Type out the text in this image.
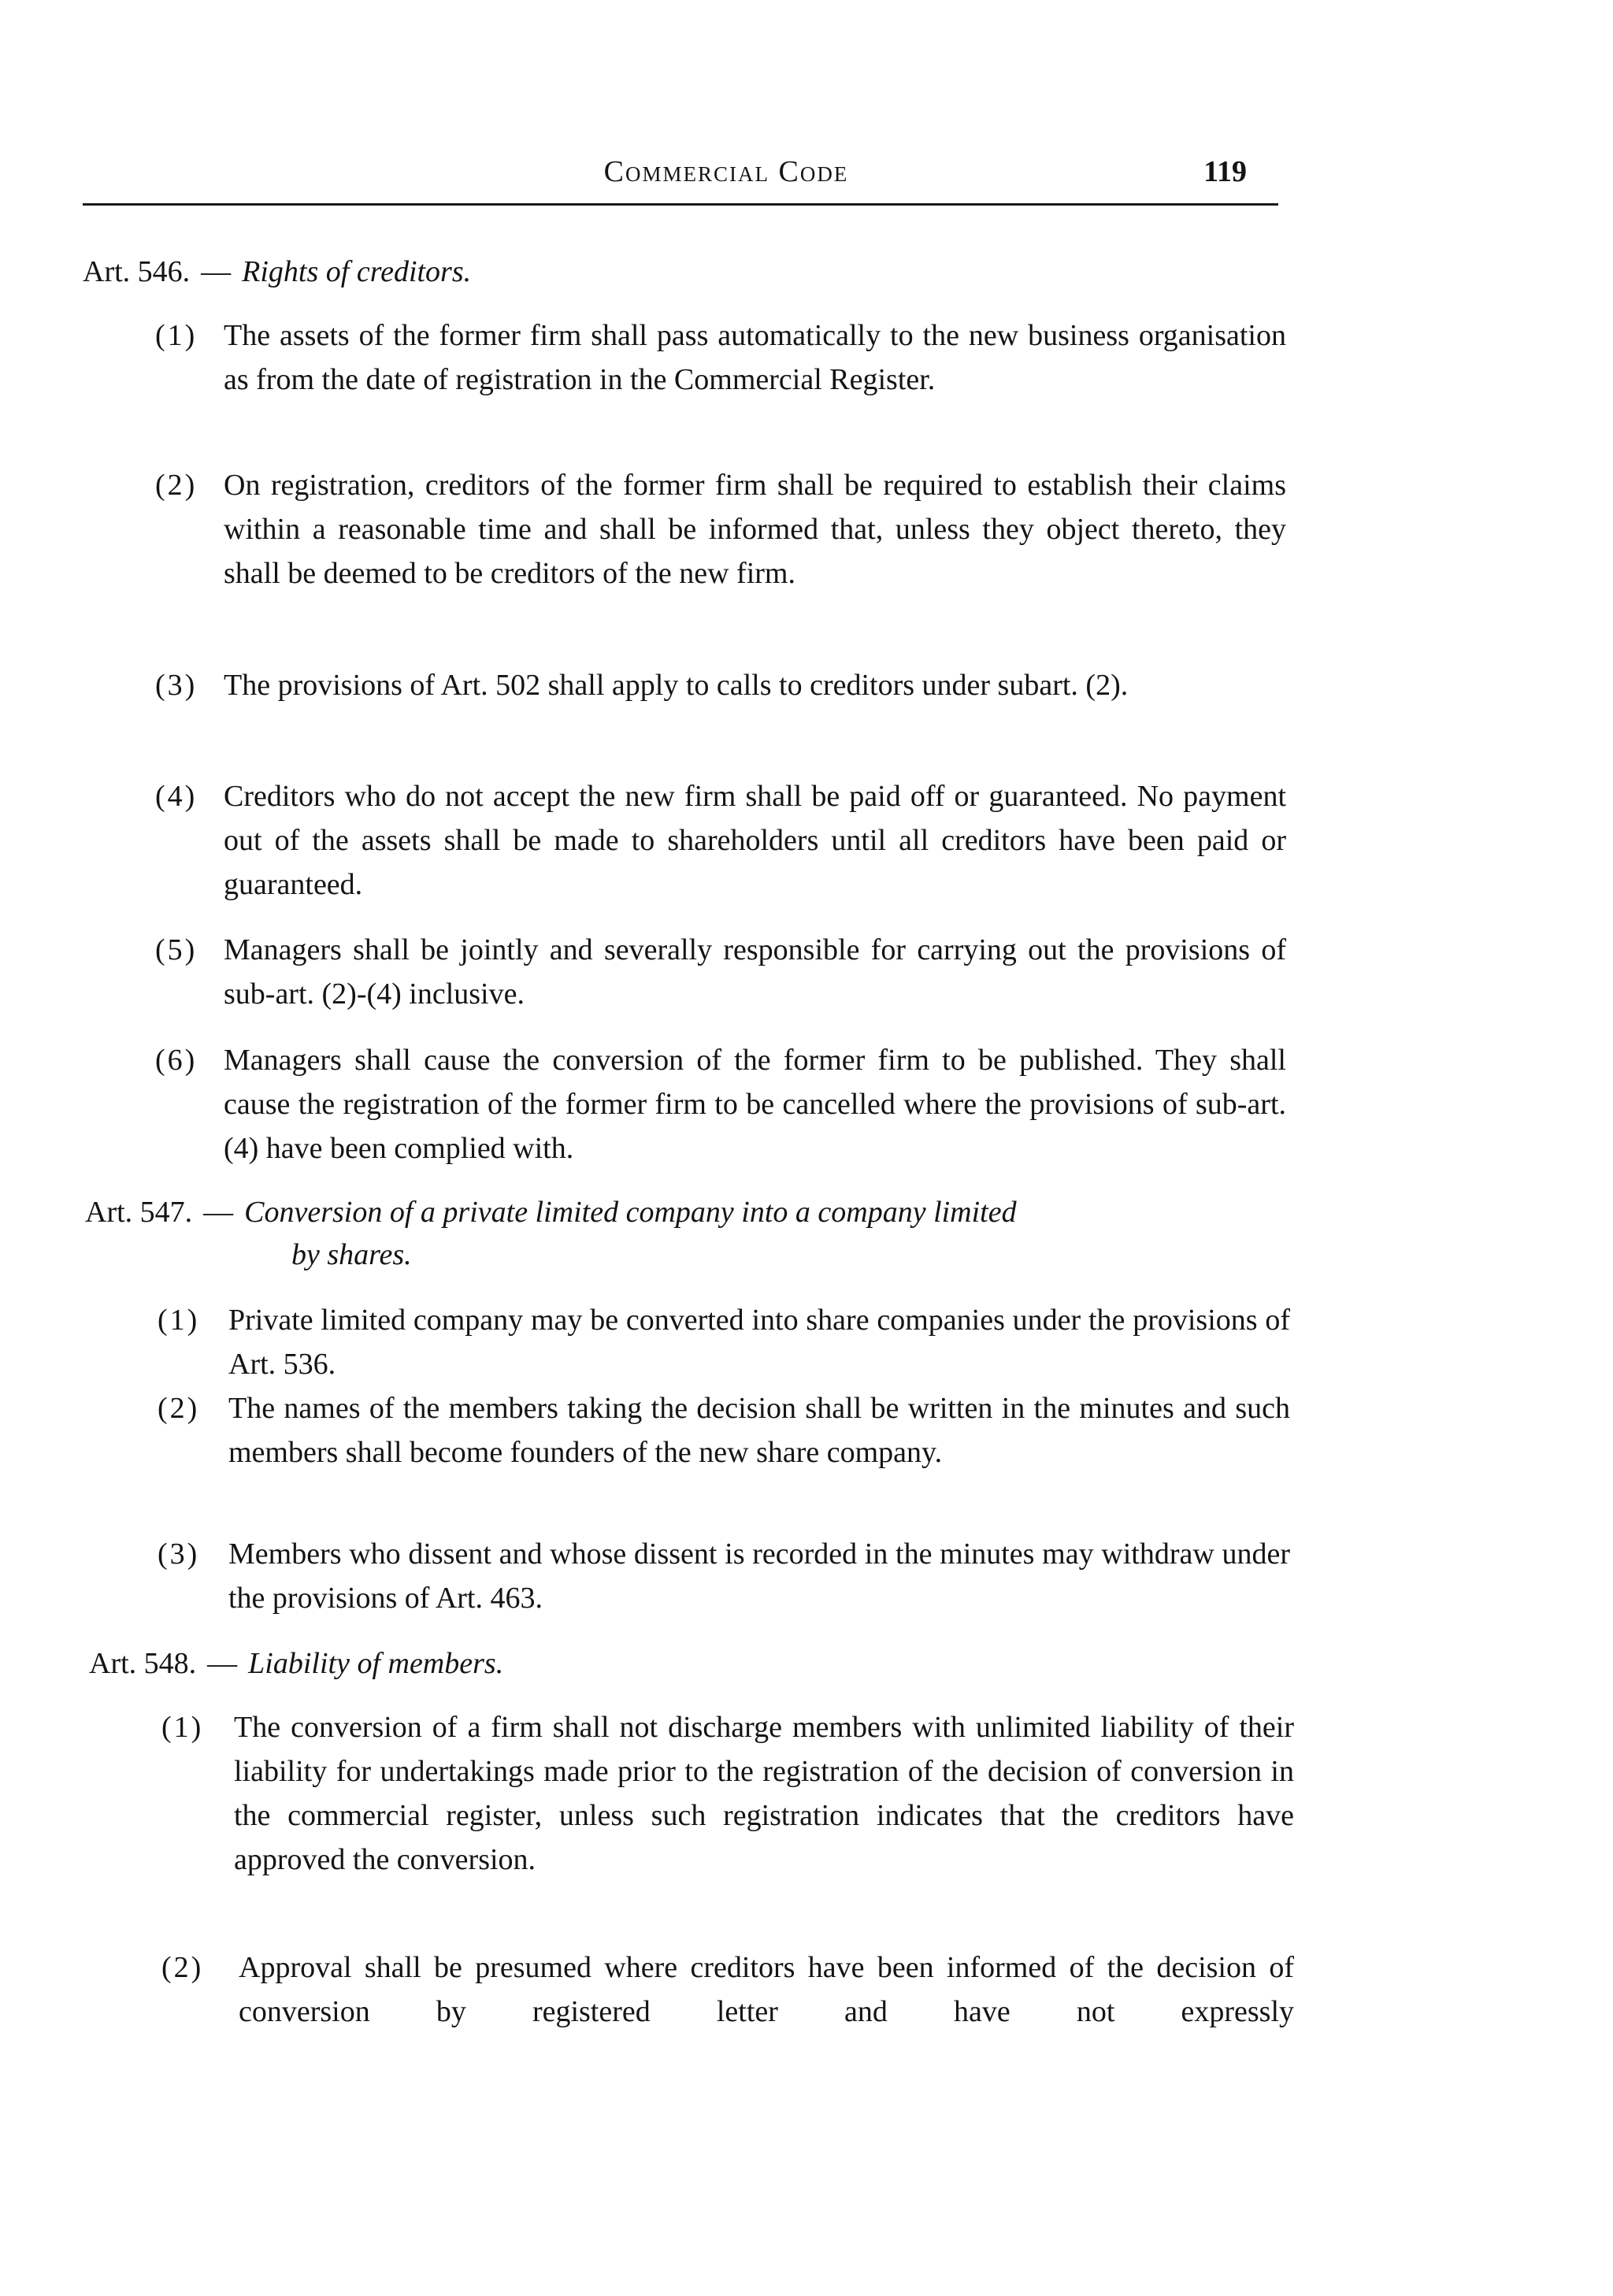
Commercial Code	119
Art. 546. — Rights of creditors.
(1) The assets of the former firm shall pass automatically to the new business organisation as from the date of registration in the Commercial Register.
(2) On registration, creditors of the former firm shall be required to establish their claims within a reasonable time and shall be informed that, unless they object thereto, they shall be deemed to be creditors of the new firm.
(3) The provisions of Art. 502 shall apply to calls to creditors under subart. (2).
(4) Creditors who do not accept the new firm shall be paid off or guaranteed. No payment out of the assets shall be made to shareholders until all creditors have been paid or guaranteed.
(5) Managers shall be jointly and severally responsible for carrying out the provisions of sub-art. (2)-(4) inclusive.
(6) Managers shall cause the conversion of the former firm to be published. They shall cause the registration of the former firm to be cancelled where the provisions of sub-art. (4) have been complied with.
Art. 547. — Conversion of a private limited company into a company limited
by shares.
(1) Private limited company may be converted into share companies under the provisions of Art. 536.
(2) The names of the members taking the decision shall be written in the minutes and such members shall become founders of the new share company.
(3) Members who dissent and whose dissent is recorded in the minutes may withdraw under the provisions of Art. 463.
Art. 548. — Liability of members.
(1) The conversion of a firm shall not discharge members with unlimited liability of their liability for undertakings made prior to the registration of the decision of conversion in the commercial register, unless such registration indicates that the creditors have approved the conversion.
(2) Approval shall be presumed where creditors have been informed of the decision of conversion by registered letter and have not expressly
